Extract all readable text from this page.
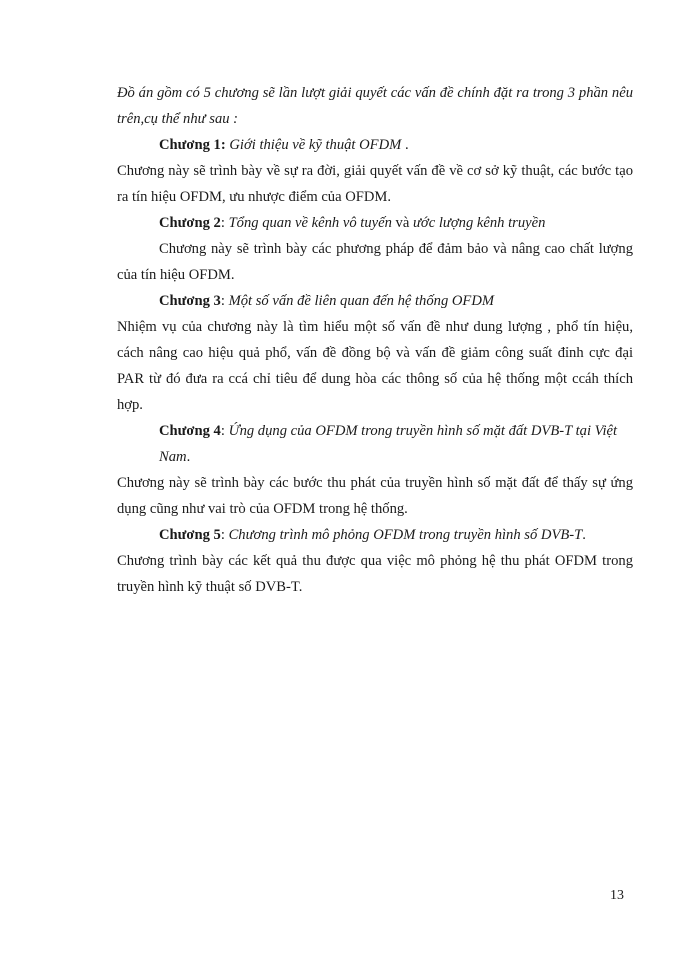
Đồ án gồm có 5 chương sẽ lần lượt giải quyết các vấn đề chính đặt ra trong 3 phần nêu trên,cụ thể như sau :

Chương 1: Giới thiệu về kỹ thuật OFDM .

Chương này sẽ trình bày về sự ra đời, giải quyết vấn đề về cơ sở kỹ thuật, các bước tạo ra tín hiệu OFDM, ưu nhược điểm của OFDM.

Chương 2: Tổng quan về kênh vô tuyến và ước lượng kênh truyền

Chương này sẽ trình bày các phương pháp để đảm bảo và nâng cao chất lượng của tín hiệu OFDM.

Chương 3: Một số vấn đề liên quan đến hệ thống OFDM

Nhiệm vụ của chương này là tìm hiểu một số vấn đề như dung lượng , phổ tín hiệu, cách nâng cao hiệu quả phổ, vấn đề đồng bộ và vấn đề giảm công suất đỉnh cực đại PAR từ đó đưa ra ccá chỉ tiêu để dung hòa các thông số của hệ thống một ccáh thích hợp.

Chương 4: Ứng dụng của OFDM trong truyền hình số mặt đất DVB-T tại Việt Nam.

Chương này sẽ trình bày các bước thu phát của truyền hình số mặt đất để thấy sự ứng dụng cũng như vai trò của OFDM trong hệ thống.

Chương 5: Chương trình mô phỏng OFDM trong truyền hình số DVB-T.

Chương trình bày các kết quả thu được qua việc mô phỏng hệ thu phát OFDM trong truyền hình kỹ thuật số DVB-T.

13
